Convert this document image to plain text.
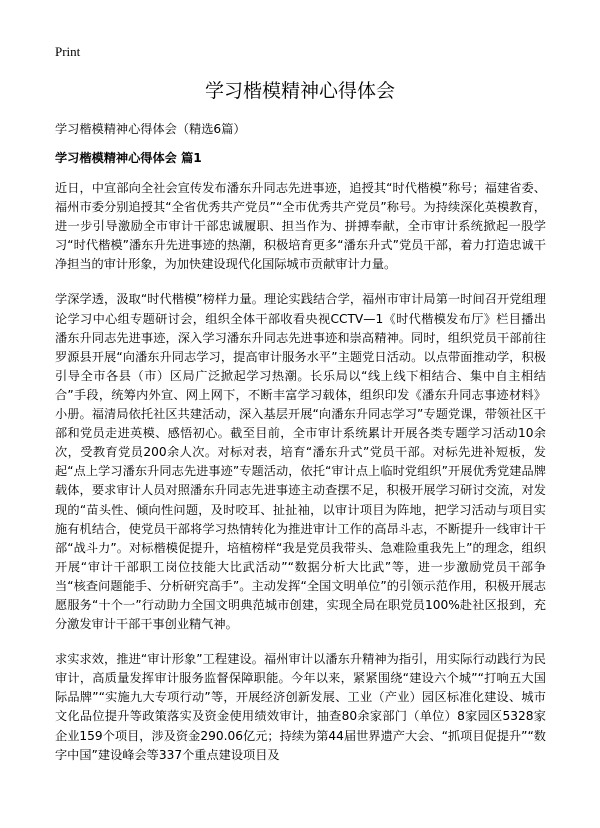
Print
学习楷模精神心得体会
学习楷模精神心得体会（精选6篇）
学习楷模精神心得体会 篇1

近日，中宣部向全社会宣传发布潘东升同志先进事迹，追授其“时代楷模”称号；福建省委、福州市委分别追授其“全省优秀共产党员”“全市优秀共产党员”称号。为持续深化英模教育，进一步引导激励全市审计干部忠诚履职、担当作为、拼搏奉献，全市审计系统掀起一股学习“时代楷模”潘东升先进事迹的热潮，积极培育更多“潘东升式”党员干部，着力打造忠诚干净担当的审计形象，为加快建设现代化国际城市贡献审计力量。

学深学透，汲取“时代楷模”榜样力量。理论实践结合学，福州市审计局第一时间召开党组理论学习中心组专题研讨会，组织全体干部收看央视CCTV—1《时代楷模发布厅》栏目播出潘东升同志先进事迹，深入学习潘东升同志先进事迹和崇高精神。同时，组织党员干部前往罗源县开展“向潘东升同志学习，提高审计服务水平”主题党日活动。以点带面推动学，积极引导全市各县（市）区局广泛掀起学习热潮。长乐局以“线上线下相结合、集中自主相结合”手段，统筹内外宣、网上网下，不断丰富学习载体，组织印发《潘东升同志事迹材料》小册。福清局依托社区共建活动，深入基层开展“向潘东升同志学习”专题党课，带领社区干部和党员走进英模、感悟初心。截至目前，全市审计系统累计开展各类专题学习活动10余次，受教育党员200余人次。对标对表，培育“潘东升式”党员干部。对标先进补短板，发起“点上学习潘东升同志先进事迹”专题活动，依托“审计点上临时党组织”开展优秀党建品牌载体，要求审计人员对照潘东升同志先进事迹主动查摆不足，积极开展学习研讨交流，对发现的“苗头性、倾向性问题，及时咬耳、扯扯袖，以审计项目为阵地，把学习活动与项目实施有机结合，使党员干部将学习热情转化为推进审计工作的高昂斗志，不断提升一线审计干部“战斗力”。对标楷模促提升，培植榜样“我是党员我带头、急难险重我先上”的理念，组织开展“审计干部职工岗位技能大比武活动”“数据分析大比武”等，进一步激励党员干部争当“核查问题能手、分析研究高手”。主动发挥“全国文明单位”的引领示范作用，积极开展志愿服务“十个一”行动助力全国文明典范城市创建，实现全局在职党员100%赴社区报到，充分激发审计干部干事创业精气神。

求实求效，推进“审计形象”工程建设。福州审计以潘东升精神为指引，用实际行动践行为民审计，高质量发挥审计服务监督保障职能。今年以来，紧紧围绕“建设六个城”“打响五大国际品牌”“实施九大专项行动”等，开展经济创新发展、工业（产业）园区标准化建设、城市文化品位提升等政策落实及资金使用绩效审计，抽查80余家部门（单位）8家园区5328家企业159个项目，涉及资金290.06亿元；持续为第44届世界遗产大会、“抓项目促提升”“数字中国”建设峰会等337个重点建设项目及
